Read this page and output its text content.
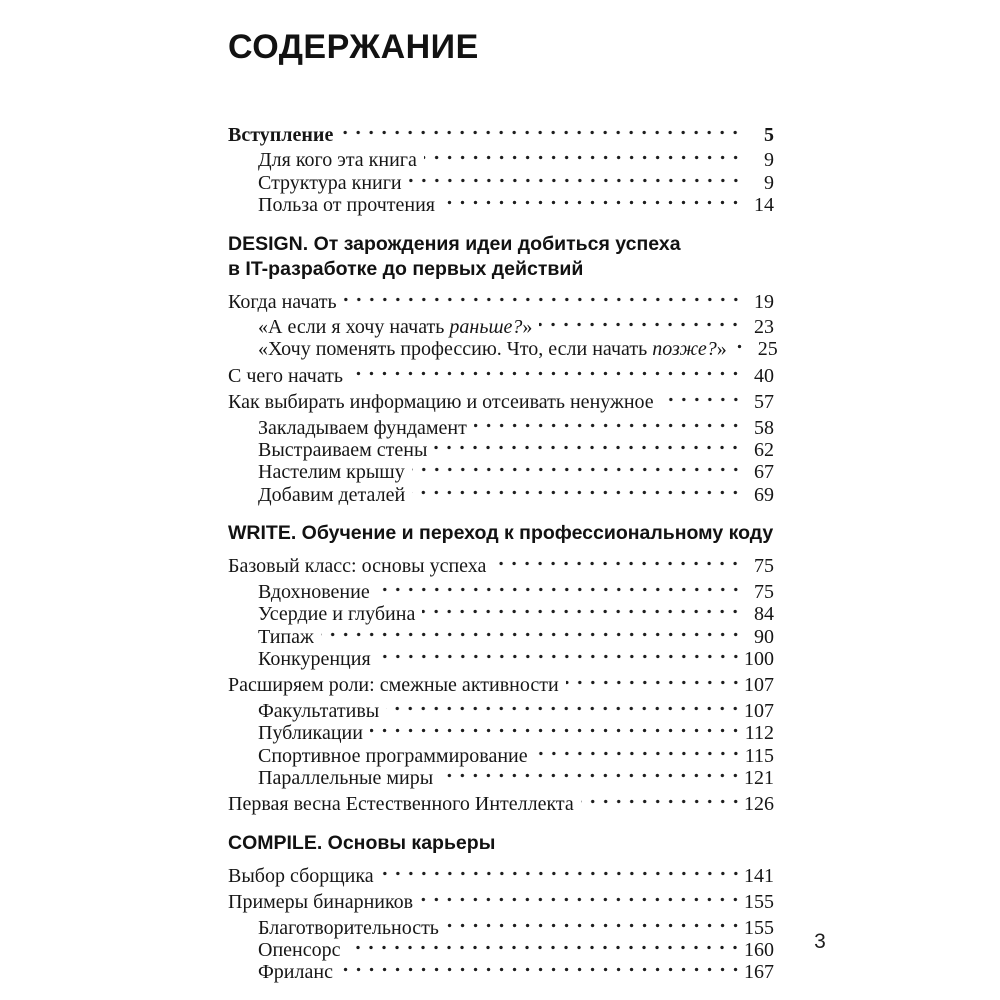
СОДЕРЖАНИЕ
Вступление	5
Для кого эта книга	9
Структура книги	9
Польза от прочтения	14
DESIGN. От зарождения идеи добиться успеха
в IT-разработке до первых действий
Когда начать	19
«А если я хочу начать раньше?»	23
«Хочу поменять профессию. Что, если начать позже?»	25
С чего начать	40
Как выбирать информацию и отсеивать ненужное	57
Закладываем фундамент	58
Выстраиваем стены	62
Настелим крышу	67
Добавим деталей	69
WRITE. Обучение и переход к профессиональному коду
Базовый класс: основы успеха	75
Вдохновение	75
Усердие и глубина	84
Типаж	90
Конкуренция	100
Расширяем роли: смежные активности	107
Факультативы	107
Публикации	112
Спортивное программирование	115
Параллельные миры	121
Первая весна Естественного Интеллекта	126
COMPILE. Основы карьеры
Выбор сборщика	141
Примеры бинарников	155
Благотворительность	155
Опенсорс	160
Фриланс	167
3
